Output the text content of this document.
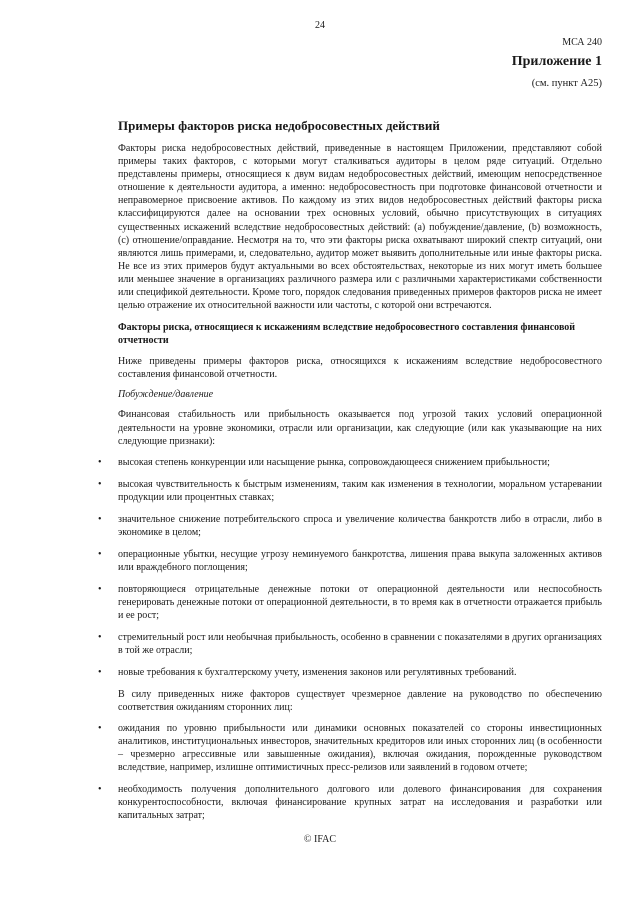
24
МСА 240
Приложение 1
(см. пункт А25)
Примеры факторов риска недобросовестных действий

Факторы риска недобросовестных действий, приведенные в настоящем Приложении, представляют собой примеры таких факторов, с которыми могут сталкиваться аудиторы в целом ряде ситуаций. Отдельно представлены примеры, относящиеся к двум видам недобросовестных действий, имеющим непосредственное отношение к деятельности аудитора, а именно: недобросовестность при подготовке финансовой отчетности и неправомерное присвоение активов. По каждому из этих видов недобросовестных действий факторы риска классифицируются далее на основании трех основных условий, обычно присутствующих в ситуациях существенных искажений вследствие недобросовестных действий: (а) побуждение/давление, (b) возможность, (с) отношение/оправдание. Несмотря на то, что эти факторы риска охватывают широкий спектр ситуаций, они являются лишь примерами, и, следовательно, аудитор может выявить дополнительные или иные факторы риска. Не все из этих примеров будут актуальными во всех обстоятельствах, некоторые из них могут иметь большее или меньшее значение в организациях различного размера или с различными характеристиками собственности или спецификой деятельности. Кроме того, порядок следования приведенных примеров факторов риска не имеет целью отражение их относительной важности или частоты, с которой они встречаются.

Факторы риска, относящиеся к искажениям вследствие недобросовестного составления финансовой отчетности

Ниже приведены примеры факторов риска, относящихся к искажениям вследствие недобросовестного составления финансовой отчетности.

Побуждение/давление

Финансовая стабильность или прибыльность оказывается под угрозой таких условий операционной деятельности на уровне экономики, отрасли или организации, как следующие (или как указывающие на них следующие признаки):

• высокая степень конкуренции или насыщение рынка, сопровождающееся снижением прибыльности;
• высокая чувствительность к быстрым изменениям, таким как изменения в технологии, моральном устаревании продукции или процентных ставках;
• значительное снижение потребительского спроса и увеличение количества банкротств либо в отрасли, либо в экономике в целом;
• операционные убытки, несущие угрозу неминуемого банкротства, лишения права выкупа заложенных активов или враждебного поглощения;
• повторяющиеся отрицательные денежные потоки от операционной деятельности или неспособность генерировать денежные потоки от операционной деятельности, в то время как в отчетности отражается прибыль и ее рост;
• стремительный рост или необычная прибыльность, особенно в сравнении с показателями в других организациях в той же отрасли;
• новые требования к бухгалтерскому учету, изменения законов или регулятивных требований.

В силу приведенных ниже факторов существует чрезмерное давление на руководство по обеспечению соответствия ожиданиям сторонних лиц:

• ожидания по уровню прибыльности или динамики основных показателей со стороны инвестиционных аналитиков, институциональных инвесторов, значительных кредиторов или иных сторонних лиц (в особенности – чрезмерно агрессивные или завышенные ожидания), включая ожидания, порожденные руководством вследствие, например, излишне оптимистичных пресс-релизов или заявлений в годовом отчете;
• необходимость получения дополнительного долгового или долевого финансирования для сохранения конкурентоспособности, включая финансирование крупных затрат на исследования и разработки или капитальных затрат;
© IFAC
